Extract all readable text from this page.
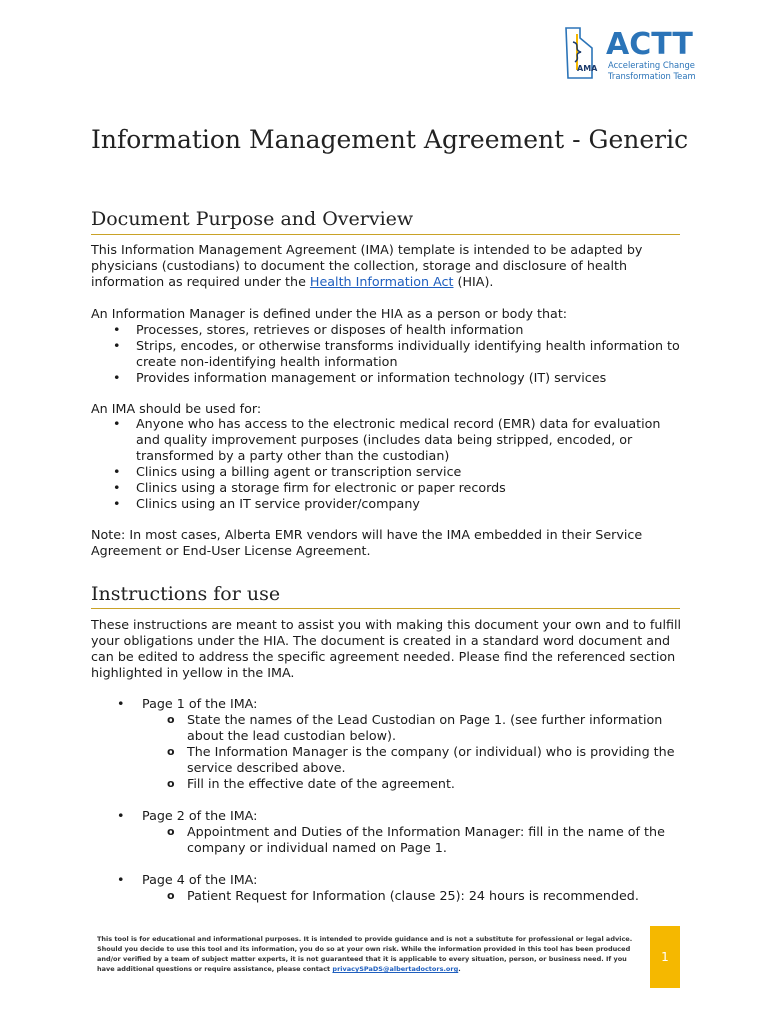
AMA
ACTT
Accelerating Change
Transformation Team
Information Management Agreement - Generic
Document Purpose and Overview

This Information Management Agreement (IMA) template is intended to be adapted by physicians (custodians) to document the collection, storage and disclosure of health information as required under the Health Information Act (HIA).

An Information Manager is defined under the HIA as a person or body that:

• Processes, stores, retrieves or disposes of health information
• Strips, encodes, or otherwise transforms individually identifying health information to create non-identifying health information
• Provides information management or information technology (IT) services

An IMA should be used for:

• Anyone who has access to the electronic medical record (EMR) data for evaluation and quality improvement purposes (includes data being stripped, encoded, or transformed by a party other than the custodian)
• Clinics using a billing agent or transcription service
• Clinics using a storage firm for electronic or paper records
• Clinics using an IT service provider/company

Note: In most cases, Alberta EMR vendors will have the IMA embedded in their Service Agreement or End-User License Agreement.

Instructions for use

These instructions are meant to assist you with making this document your own and to fulfill your obligations under the HIA. The document is created in a standard word document and can be edited to address the specific agreement needed. Please find the referenced section highlighted in yellow in the IMA.

• Page 1 of the IMA:
o State the names of the Lead Custodian on Page 1. (see further information about the lead custodian below).
o The Information Manager is the company (or individual) who is providing the service described above.
o Fill in the effective date of the agreement.
• Page 2 of the IMA:
o Appointment and Duties of the Information Manager: fill in the name of the company or individual named on Page 1.
• Page 4 of the IMA:
o Patient Request for Information (clause 25): 24 hours is recommended.
This tool is for educational and informational purposes. It is intended to provide guidance and is not a substitute for professional or legal advice. Should you decide to use this tool and its information, you do so at your own risk. While the information provided in this tool has been produced and/or verified by a team of subject matter experts, it is not guaranteed that it is applicable to every situation, person, or business need. If you have additional questions or require assistance, please contact privacySPaDS@albertadoctors.org.
1
